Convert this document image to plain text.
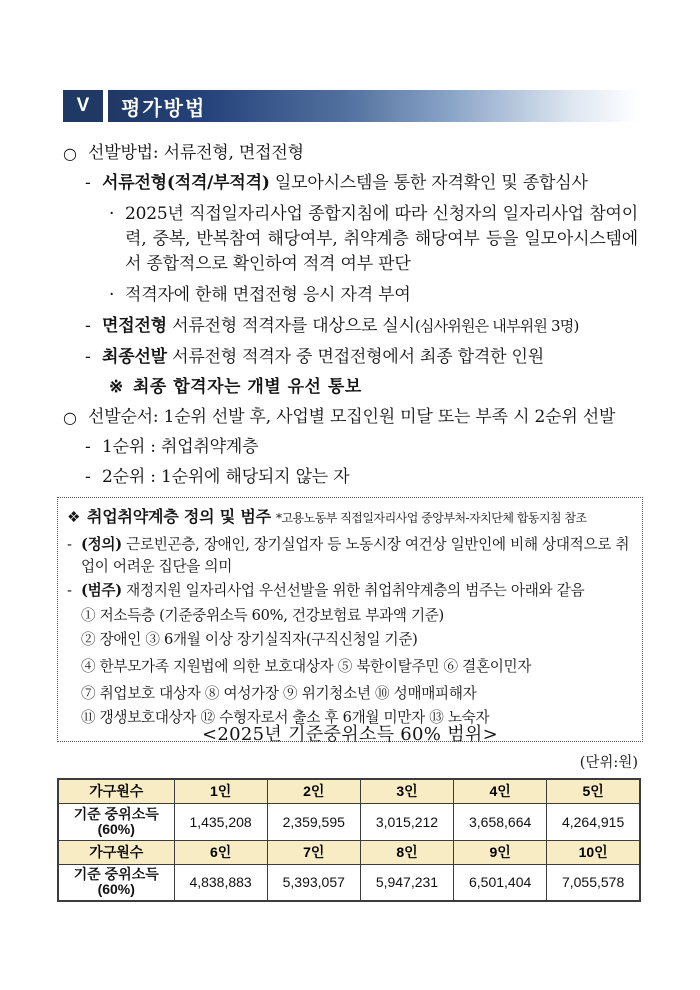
V	평가방법
○ 선발방법: 서류전형, 면접전형
- 서류전형(적격/부적격) 일모아시스템을 통한 자격확인 및 종합심사
· 2025년 직접일자리사업 종합지침에 따라 신청자의 일자리사업 참여이력, 중복, 반복참여 해당여부, 취약계층 해당여부 등을 일모아시스템에서 종합적으로 확인하여 적격 여부 판단
· 적격자에 한해 면접전형 응시 자격 부여
- 면접전형 서류전형 적격자를 대상으로 실시(심사위원은 내부위원 3명)
- 최종선발 서류전형 적격자 중 면접전형에서 최종 합격한 인원
※ 최종 합격자는 개별 유선 통보
○ 선발순서: 1순위 선발 후, 사업별 모집인원 미달 또는 부족 시 2순위 선발
- 1순위 : 취업취약계층
- 2순위 : 1순위에 해당되지 않는 자
❖ 취업취약계층 정의 및 범주 *고용노동부 직접일자리사업 중앙부처-자치단체 합동지침 참조
- (정의) 근로빈곤층, 장애인, 장기실업자 등 노동시장 여건상 일반인에 비해 상대적으로 취업이 어려운 집단을 의미
- (범주) 재정지원 일자리사업 우선선발을 위한 취업취약계층의 범주는 아래와 같음
① 저소득층 (기준중위소득 60%, 건강보험료 부과액 기준)
② 장애인 ③ 6개월 이상 장기실직자(구직신청일 기준)
④ 한부모가족 지원법에 의한 보호대상자 ⑤ 북한이탈주민 ⑥ 결혼이민자
⑦ 취업보호 대상자 ⑧ 여성가장 ⑨ 위기청소년 ⑩ 성매매피해자
⑪ 갱생보호대상자 ⑫ 수형자로서 출소 후 6개월 미만자 ⑬ 노숙자
<2025년 기준중위소득 60% 범위>
(단위:원)
가구원수	1인	2인	3인	4인	5인
기준 중위소득
(60%)	1,435,208	2,359,595	3,015,212	3,658,664	4,264,915
가구원수	6인	7인	8인	9인	10인
기준 중위소득
(60%)	4,838,883	5,393,057	5,947,231	6,501,404	7,055,578
